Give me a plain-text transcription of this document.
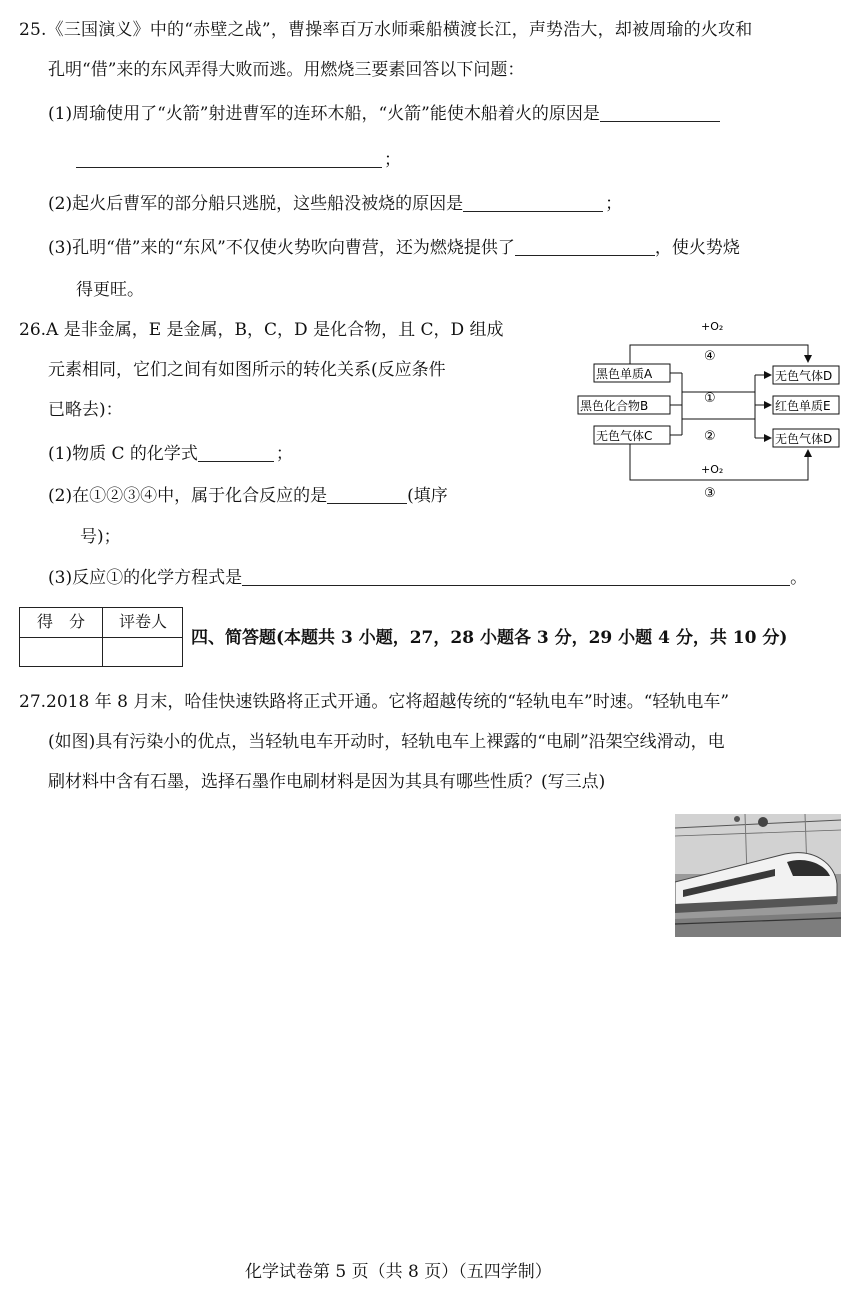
25.《三国演义》中的“赤壁之战”，曹操率百万水师乘船横渡长江，声势浩大，却被周瑜的火攻和
孔明“借”来的东风弄得大败而逃。用燃烧三要素回答以下问题：
(1)周瑜使用了“火箭”射进曹军的连环木船，“火箭”能使木船着火的原因是
；
(2)起火后曹军的部分船只逃脱，这些船没被烧的原因是	；
(3)孔明“借”来的“东风”不仅使火势吹向曹营，还为燃烧提供了	，使火势烧
得更旺。
26.A 是非金属，E 是金属，B，C，D 是化合物，且 C，D 组成
元素相同，它们之间有如图所示的转化关系(反应条件
已略去)：
(1)物质 C 的化学式	；
(2)在①②③④中，属于化合反应的是	(填序
号)；
(3)反应①的化学方程式是	。
黑色单质A
黑色化合物B
无色气体C
无色气体D
红色单质E
无色气体D
+O₂
④
①
②
+O₂
③
得　分	评卷人
四、简答题(本题共 3 小题，27，28 小题各 3 分，29 小题 4 分，共 10 分)
27.2018 年 8 月末，哈佳快速铁路将正式开通。它将超越传统的“轻轨电车”时速。“轻轨电车”
(如图)具有污染小的优点，当轻轨电车开动时，轻轨电车上裸露的“电刷”沿架空线滑动，电
刷材料中含有石墨，选择石墨作电刷材料是因为其具有哪些性质？(写三点)
化学试卷第 5 页（共 8 页）（五四学制）
